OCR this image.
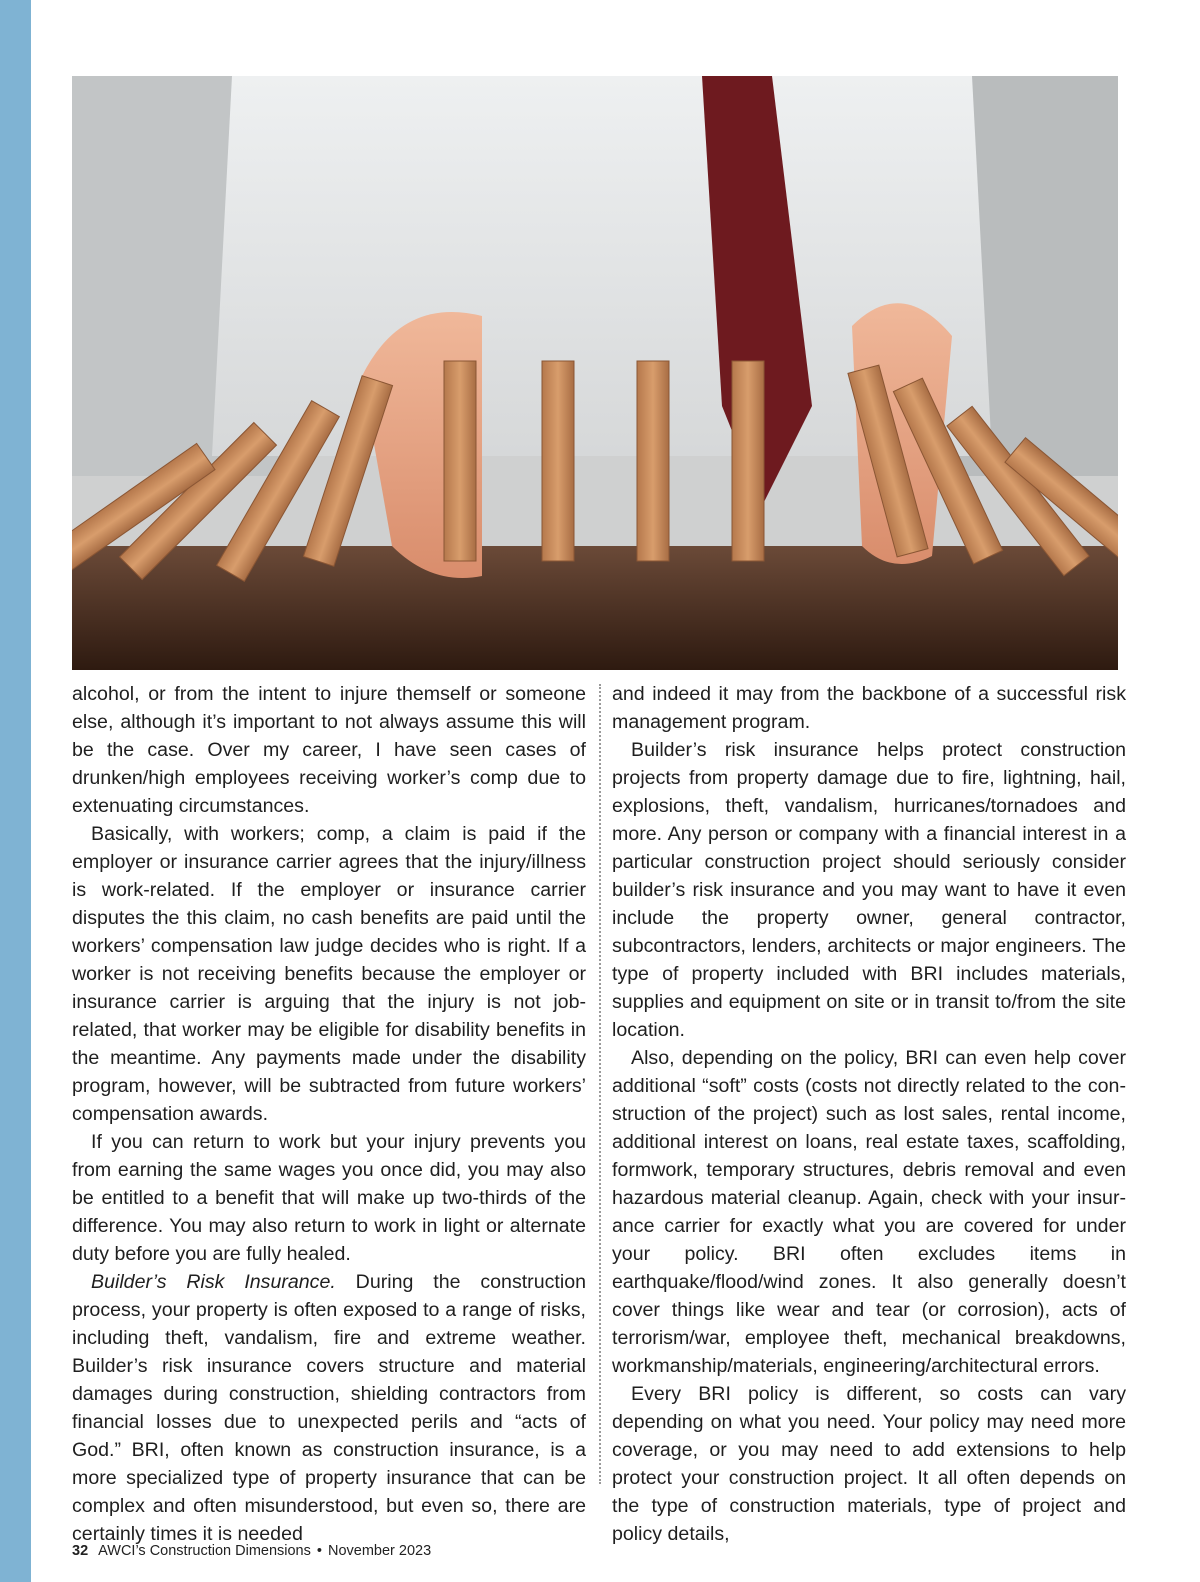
alcohol, or from the intent to injure themself or someone else, although it’s important to not always assume this will be the case. Over my career, I have seen cases of drunken/​high employees receiving worker’s comp due to extenuating circumstances.

Basically, with workers; comp, a claim is paid if the employer or insurance carrier agrees that the injury/illness is work-related. If the employer or insurance carrier disputes the this claim, no cash benefits are paid until the workers’ compensation law judge decides who is right. If a worker is not receiving benefits because the employer or insurance carrier is arguing that the injury is not job-related, that worker may be eligible for disability benefits in the meantime. Any payments made under the disability program, however, will be subtracted from future workers’ compensation awards.

If you can return to work but your injury prevents you from earning the same wages you once did, you may also be entitled to a benefit that will make up two-thirds of the difference. You may also return to work in light or alternate duty before you are fully healed.

Builder’s Risk Insurance. During the construction process, your property is often exposed to a range of risks, including theft, vandalism, fire and extreme weather. Builder’s risk insurance covers structure and material damages during construction, shielding contractors from financial losses due to unexpected perils and “acts of God.” BRI, often known as construction insurance, is a more specialized type of property insurance that can be complex and often misunderstood, but even so, there are certainly times it is needed

and indeed it may from the backbone of a successful risk management program.

Builder’s risk insurance helps protect construction projects from property damage due to fire, lightning, hail, explosions, theft, vandalism, hurricanes/tornadoes and more. Any person or company with a financial interest in a particular construction project should seriously consider builder’s risk insurance and you may want to have it even include the property owner, general contractor, subcontractors, lenders, architects or major engineers. The type of property included with BRI includes materials, supplies and equipment on site or in transit to/from the site location.

Also, depending on the policy, BRI can even help cover additional “soft” costs (costs not directly related to the construction of the project) such as lost sales, rental income, additional interest on loans, real estate taxes, scaffolding, formwork, temporary structures, debris removal and even hazardous material cleanup. Again, check with your insurance carrier for exactly what you are covered for under your policy. BRI often excludes items in earthquake/flood/wind zones. It also generally doesn’t cover things like wear and tear (or corrosion), acts of terrorism/war, employee theft, mechanical breakdowns, workmanship/materials, engineering/architectural errors.

Every BRI policy is different, so costs can vary depending on what you need. Your policy may need more coverage, or you may need to add extensions to help protect your construction project. It all often depends on the type of construction materials, type of project and policy details,

32 AWCI’s Construction Dimensions • November 2023
